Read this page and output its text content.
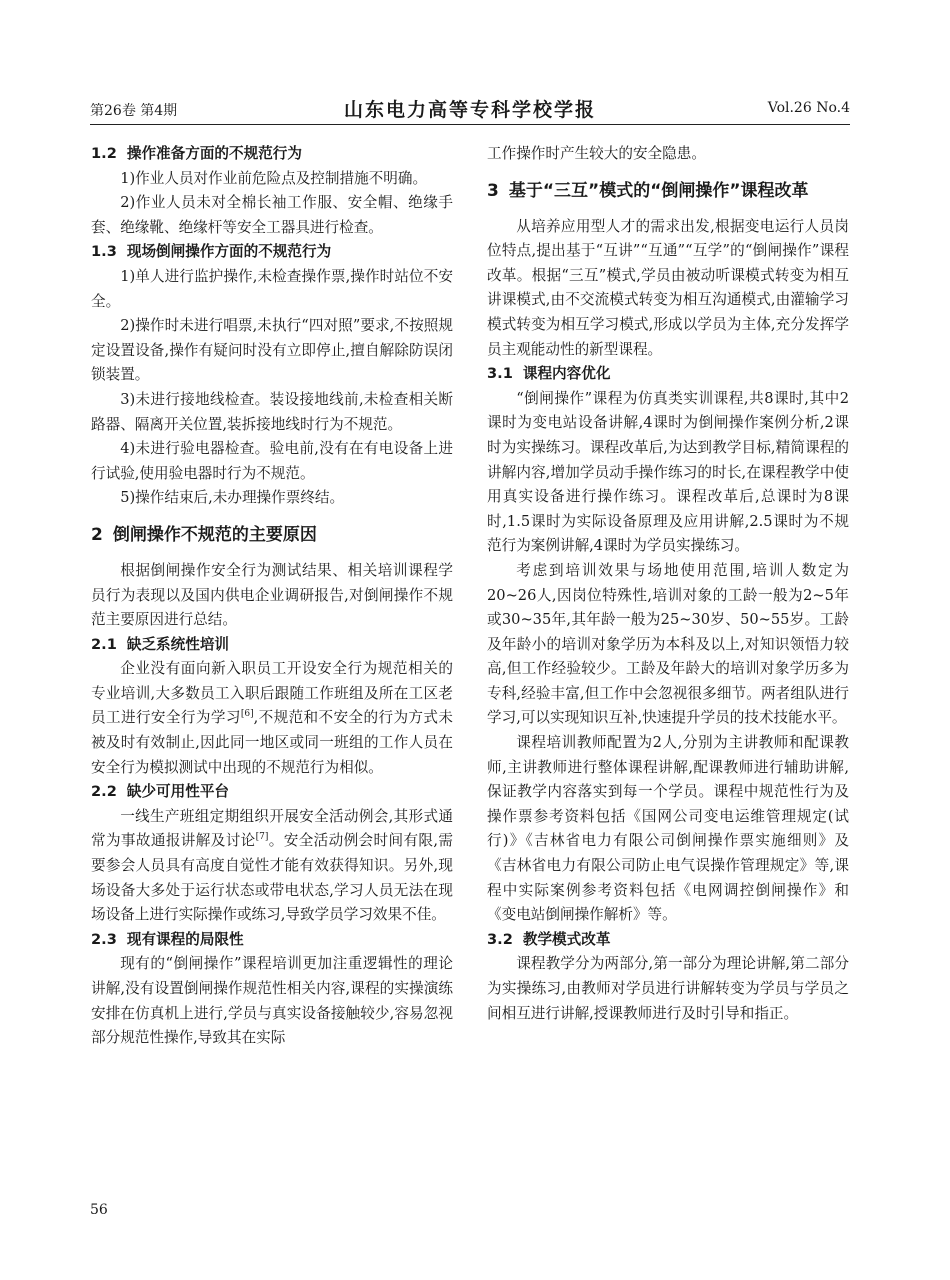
第26卷 第4期	山东电力高等专科学校学报	Vol.26 No.4
1.2 操作准备方面的不规范行为

1)作业人员对作业前危险点及控制措施不明确。

2)作业人员未对全棉长袖工作服、安全帽、绝缘手套、绝缘靴、绝缘杆等安全工器具进行检查。

1.3 现场倒闸操作方面的不规范行为

1)单人进行监护操作,未检查操作票,操作时站位不安全。

2)操作时未进行唱票,未执行“四对照”要求,不按照规定设置设备,操作有疑问时没有立即停止,擅自解除防误闭锁装置。

3)未进行接地线检查。装设接地线前,未检查相关断路器、隔离开关位置,装拆接地线时行为不规范。

4)未进行验电器检查。验电前,没有在有电设备上进行试验,使用验电器时行为不规范。

5)操作结束后,未办理操作票终结。

2 倒闸操作不规范的主要原因

根据倒闸操作安全行为测试结果、相关培训课程学员行为表现以及国内供电企业调研报告,对倒闸操作不规范主要原因进行总结。

2.1 缺乏系统性培训

企业没有面向新入职员工开设安全行为规范相关的专业培训,大多数员工入职后跟随工作班组及所在工区老员工进行安全行为学习[6],不规范和不安全的行为方式未被及时有效制止,因此同一地区或同一班组的工作人员在安全行为模拟测试中出现的不规范行为相似。

2.2 缺少可用性平台

一线生产班组定期组织开展安全活动例会,其形式通常为事故通报讲解及讨论[7]。安全活动例会时间有限,需要参会人员具有高度自觉性才能有效获得知识。另外,现场设备大多处于运行状态或带电状态,学习人员无法在现场设备上进行实际操作或练习,导致学员学习效果不佳。

2.3 现有课程的局限性

现有的“倒闸操作”课程培训更加注重逻辑性的理论讲解,没有设置倒闸操作规范性相关内容,课程的实操演练安排在仿真机上进行,学员与真实设备接触较少,容易忽视部分规范性操作,导致其在实际

工作操作时产生较大的安全隐患。

3 基于“三互”模式的“倒闸操作”课程改革

从培养应用型人才的需求出发,根据变电运行人员岗位特点,提出基于“互讲”“互通”“互学”的“倒闸操作”课程改革。根据“三互”模式,学员由被动听课模式转变为相互讲课模式,由不交流模式转变为相互沟通模式,由灌输学习模式转变为相互学习模式,形成以学员为主体,充分发挥学员主观能动性的新型课程。

3.1 课程内容优化

“倒闸操作”课程为仿真类实训课程,共8课时,其中2课时为变电站设备讲解,4课时为倒闸操作案例分析,2课时为实操练习。课程改革后,为达到教学目标,精简课程的讲解内容,增加学员动手操作练习的时长,在课程教学中使用真实设备进行操作练习。课程改革后,总课时为8课时,1.5课时为实际设备原理及应用讲解,2.5课时为不规范行为案例讲解,4课时为学员实操练习。

考虑到培训效果与场地使用范围,培训人数定为20~26人,因岗位特殊性,培训对象的工龄一般为2~5年或30~35年,其年龄一般为25~30岁、50~55岁。工龄及年龄小的培训对象学历为本科及以上,对知识领悟力较高,但工作经验较少。工龄及年龄大的培训对象学历多为专科,经验丰富,但工作中会忽视很多细节。两者组队进行学习,可以实现知识互补,快速提升学员的技术技能水平。

课程培训教师配置为2人,分别为主讲教师和配课教师,主讲教师进行整体课程讲解,配课教师进行辅助讲解,保证教学内容落实到每一个学员。课程中规范性行为及操作票参考资料包括《国网公司变电运维管理规定(试行)》《吉林省电力有限公司倒闸操作票实施细则》及《吉林省电力有限公司防止电气误操作管理规定》等,课程中实际案例参考资料包括《电网调控倒闸操作》和《变电站倒闸操作解析》等。

3.2 教学模式改革

课程教学分为两部分,第一部分为理论讲解,第二部分为实操练习,由教师对学员进行讲解转变为学员与学员之间相互进行讲解,授课教师进行及时引导和指正。

56
